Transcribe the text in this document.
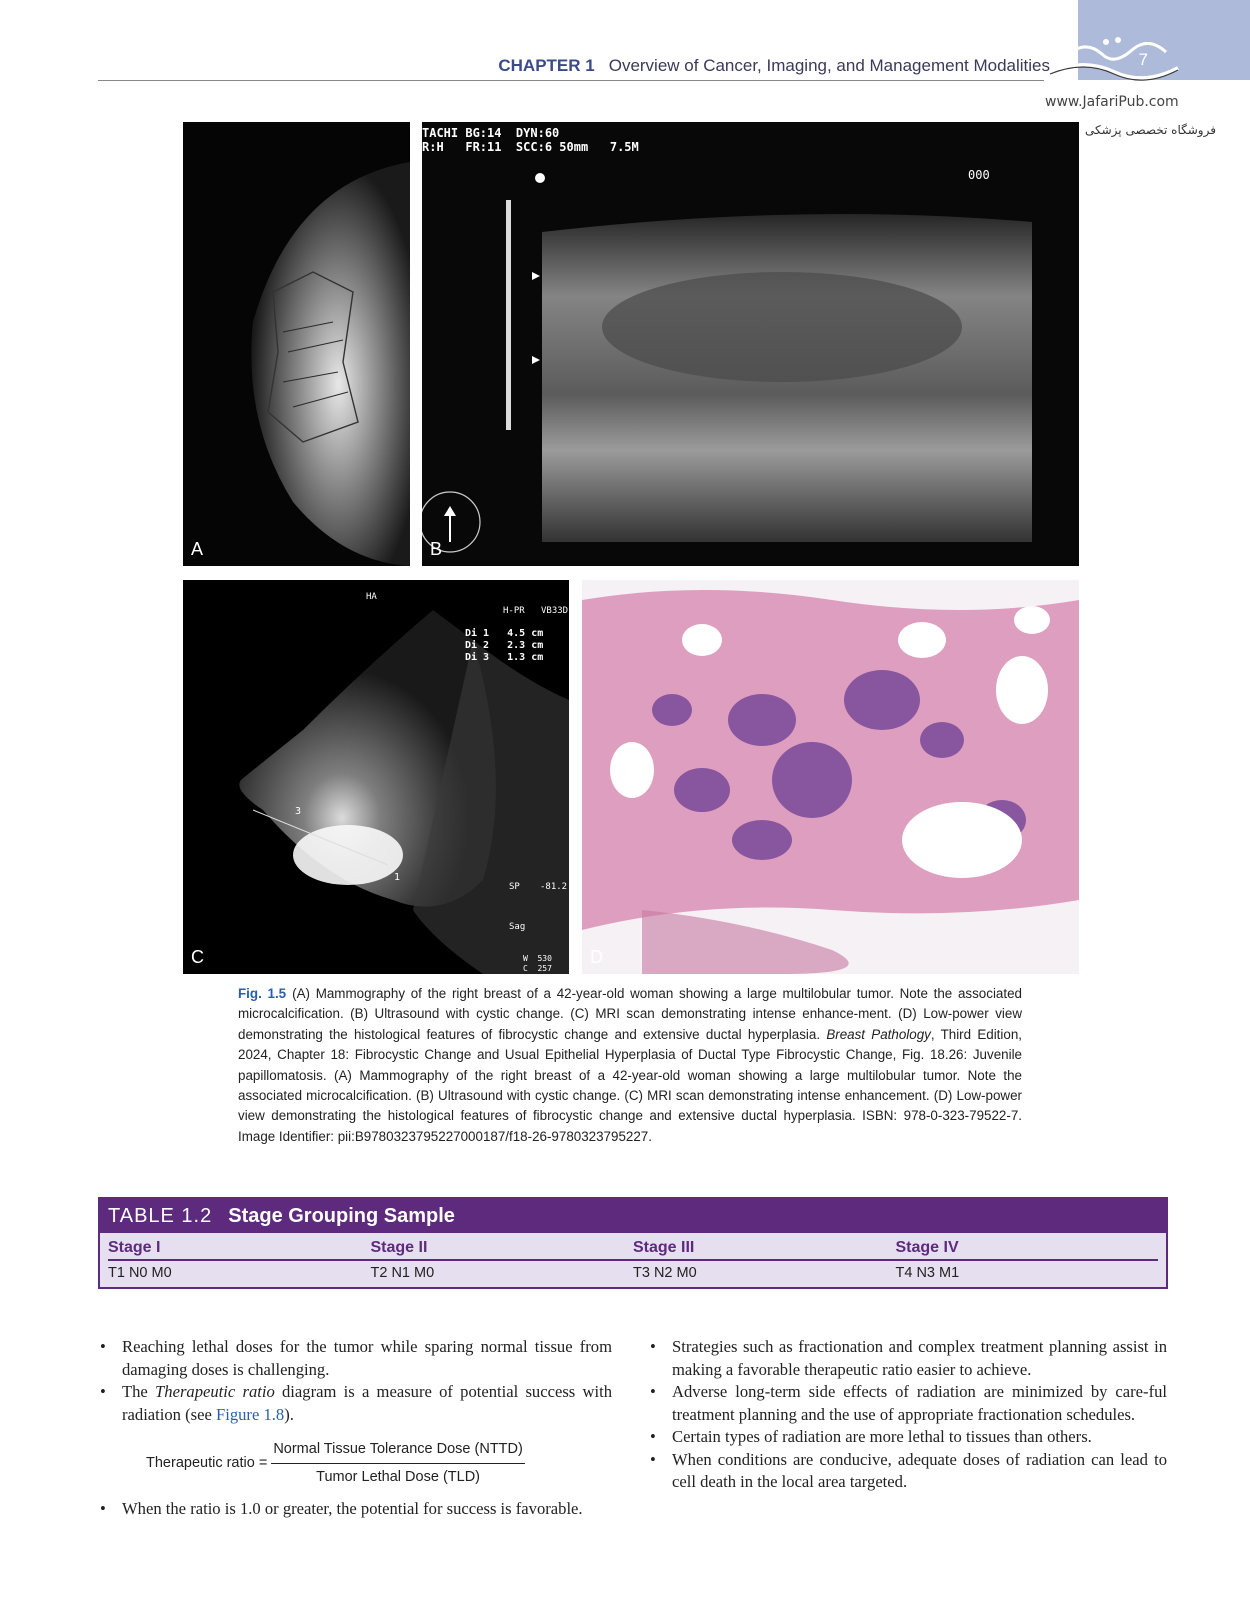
7
www.JafariPub.com
فروشگاه تخصصی پزشکی
CHAPTER 1 Overview of Cancer, Imaging, and Management Modalities
A
TACHI BG:14  DYN:60
R:H   FR:11  SCC:6 50mm   7.5M
000
B
HA
H-PR VB33D
Di 1   4.5 cm
Di 2   2.3 cm
Di 3   1.3 cm
3
1
SP -81.2
Sag
W  530
C  257
C	D
Fig. 1.5 (A) Mammography of the right breast of a 42-year-old woman showing a large multilobular tumor. Note the associated microcalcification. (B) Ultrasound with cystic change. (C) MRI scan demonstrating intense enhance-ment. (D) Low-power view demonstrating the histological features of fibrocystic change and extensive ductal hyperplasia. Breast Pathology, Third Edition, 2024, Chapter 18: Fibrocystic Change and Usual Epithelial Hyperplasia of Ductal Type Fibrocystic Change, Fig. 18.26: Juvenile papillomatosis. (A) Mammography of the right breast of a 42-year-old woman showing a large multilobular tumor. Note the associated microcalcification. (B) Ultrasound with cystic change. (C) MRI scan demonstrating intense enhancement. (D) Low-power view demonstrating the histological features of fibrocystic change and extensive ductal hyperplasia. ISBN: 978-0-323-79522-7. Image Identifier: pii:B9780323795227000187/f18-26-9780323795227.
TABLE 1.2 Stage Grouping Sample
Stage I	Stage II	Stage III	Stage IV
T1 N0 M0	T2 N1 M0	T3 N2 M0	T4 N3 M1
• Reaching lethal doses for the tumor while sparing normal tissue from damaging doses is challenging.
• The Therapeutic ratio diagram is a measure of potential success with radiation (see Figure 1.8).
Therapeutic ratio = $\frac{\text{Normal Tissue Tolerance Dose (NTTD)}}{\text{Tumor Lethal Dose (TLD)}}$
• When the ratio is 1.0 or greater, the potential for success is favorable.
• Strategies such as fractionation and complex treatment planning assist in making a favorable therapeutic ratio easier to achieve.
• Adverse long-term side effects of radiation are minimized by care-ful treatment planning and the use of appropriate fractionation schedules.
• Certain types of radiation are more lethal to tissues than others.
• When conditions are conducive, adequate doses of radiation can lead to cell death in the local area targeted.
